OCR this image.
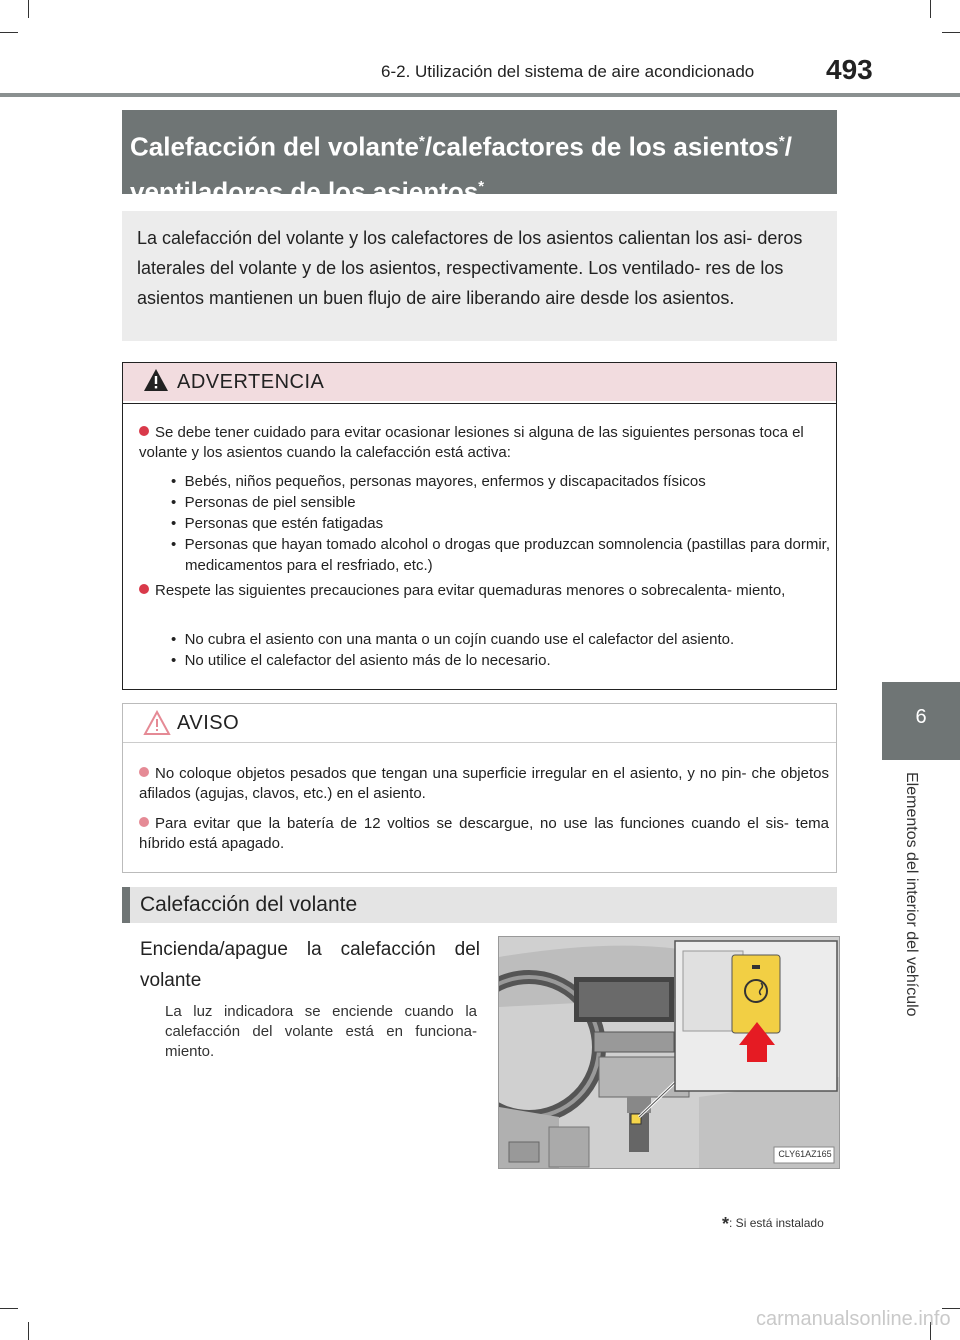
6-2. Utilización del sistema de aire acondicionado	493
6
Elementos del interior del vehículo
Calefacción del volante*/calefactores de los asientos*/
ventiladores de los asientos*

La calefacción del volante y los calefactores de los asientos calientan los asi- deros laterales del volante y de los asientos, respectivamente. Los ventilado- res de los asientos mantienen un buen flujo de aire liberando aire desde los asientos.

ADVERTENCIA
Se debe tener cuidado para evitar ocasionar lesiones si alguna de las siguientes personas toca el volante y los asientos cuando la calefacción está activa:
•  Bebés, niños pequeños, personas mayores, enfermos y discapacitados físicos
•  Personas de piel sensible
•  Personas que estén fatigadas
•  Personas que hayan tomado alcohol o drogas que produzcan somnolencia (pastillas para dormir, medicamentos para el resfriado, etc.)
Respete las siguientes precauciones para evitar quemaduras menores o sobrecalenta- miento,
•  No cubra el asiento con una manta o un cojín cuando use el calefactor del asiento.
•  No utilice el calefactor del asiento más de lo necesario.
AVISO
No coloque objetos pesados que tengan una superficie irregular en el asiento, y no pin- che objetos afilados (agujas, clavos, etc.) en el asiento.
Para evitar que la batería de 12 voltios se descargue, no use las funciones cuando el sis- tema híbrido está apagado.
Calefacción del volante
Encienda/apague la calefacción del volante
La luz indicadora se enciende cuando la calefacción del volante está en funciona- miento.
CLY61AZ165
*: Si está instalado
carmanualsonline.info
